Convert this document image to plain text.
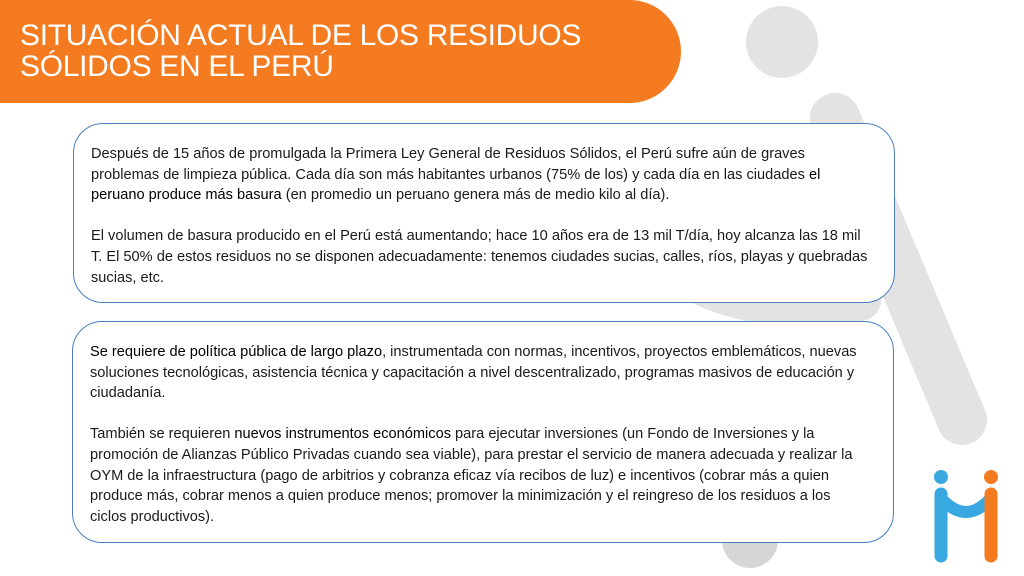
SITUACIÓN ACTUAL DE LOS RESIDUOS
SÓLIDOS EN EL PERÚ

Después de 15 años de promulgada la Primera Ley General de Residuos Sólidos, el Perú sufre aún de graves problemas de limpieza pública. Cada día son más habitantes urbanos (75% de los) y cada día en las ciudades el peruano produce más basura (en promedio un peruano genera más de medio kilo al día).

El volumen de basura producido en el Perú está aumentando; hace 10 años era de 13 mil T/día, hoy alcanza las 18 mil T. El 50% de estos residuos no se disponen adecuadamente: tenemos ciudades sucias, calles, ríos, playas y quebradas sucias, etc.

Se requiere de política pública de largo plazo, instrumentada con normas, incentivos, proyectos emblemáticos, nuevas soluciones tecnológicas, asistencia técnica y capacitación a nivel descentralizado, programas masivos de educación y ciudadanía.

También se requieren nuevos instrumentos económicos para ejecutar inversiones (un Fondo de Inversiones y la promoción de Alianzas Público Privadas cuando sea viable), para prestar el servicio de manera adecuada y realizar la OYM de la infraestructura (pago de arbitrios y cobranza eficaz vía recibos de luz) e incentivos (cobrar más a quien produce más, cobrar menos a quien produce menos; promover la minimización y el reingreso de los residuos a los ciclos productivos).
